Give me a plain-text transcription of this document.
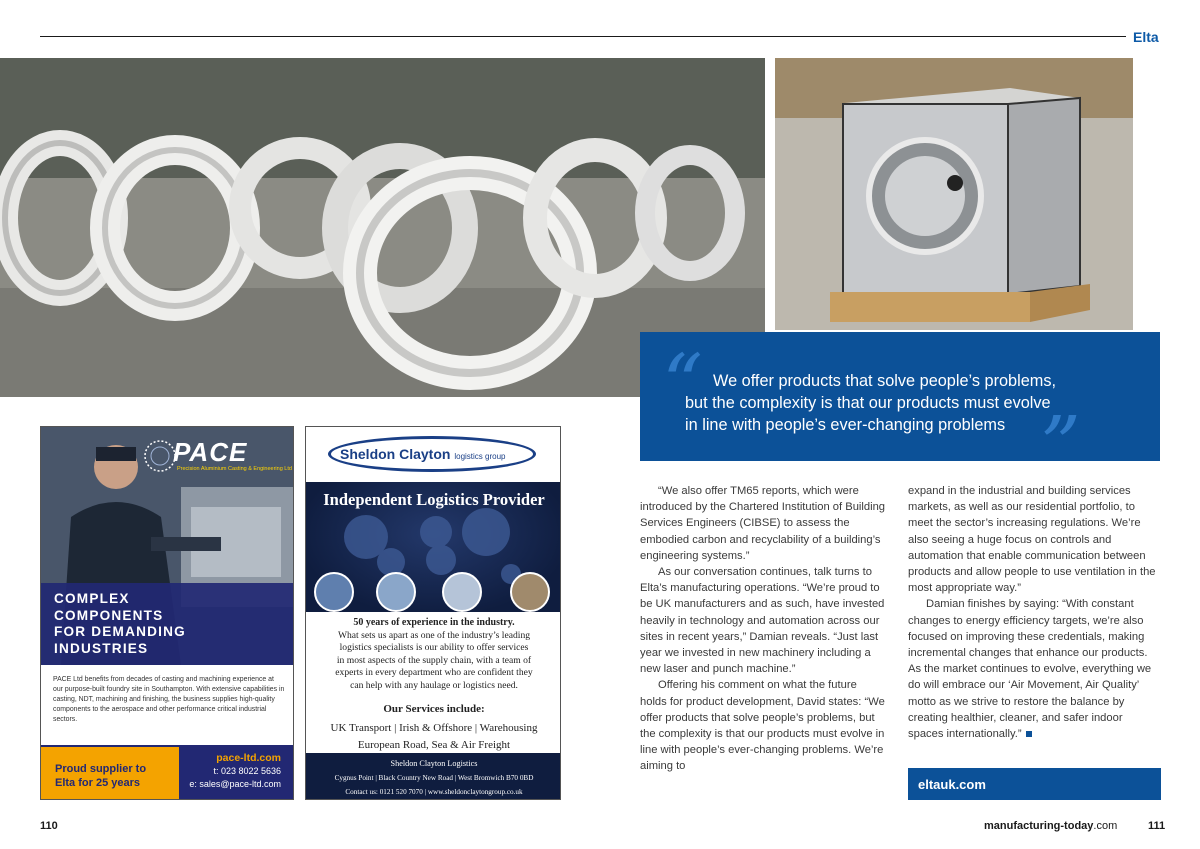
Elta
“ We offer products that solve people’s problems,
but the complexity is that our products must evolve
in line with people’s ever-changing problems ”

“We also offer TM65 reports, which were introduced by the Chartered Institution of Building Services Engineers (CIBSE) to assess the embodied carbon and recyclability of a building’s engineering systems.”

As our conversation continues, talk turns to Elta’s manufacturing operations. “We’re proud to be UK manufacturers and as such, have invested heavily in technology and automation across our sites in recent years,” Damian reveals. “Just last year we invested in new machinery including a new laser and punch machine.”

Offering his comment on what the future holds for product development, David states: “We offer products that solve people’s problems, but the complexity is that our products must evolve in line with people’s ever-changing problems. We’re aiming to

expand in the industrial and building services markets, as well as our residential portfolio, to meet the sector’s increasing regulations. We’re also seeing a huge focus on controls and automation that enable communication between products and allow people to use ventilation in the most appropriate way.”

Damian finishes by saying: “With constant changes to energy efficiency targets, we’re also focused on improving these credentials, making incremental changes that enhance our products. As the market continues to evolve, everything we do will embrace our ‘Air Movement, Air Quality’ motto as we strive to restore the balance by creating healthier, cleaner, and safer indoor spaces internationally.”

eltauk.com
PACE
Precision Aluminium Casting & Engineering Ltd
COMPLEX
COMPONENTS
FOR DEMANDING
INDUSTRIES
PACE Ltd benefits from decades of casting and machining experience at our purpose-built foundry site in Southampton. With extensive capabilities in casting, NDT, machining and finishing, the business supplies high-quality components to the aerospace and other performance critical industrial sectors.
Proud supplier to
Elta for 25 years
pace-ltd.com
t: 023 8022 5636
e: sales@pace-ltd.com
Sheldon Clayton logistics group
Independent Logistics Provider
50 years of experience in the industry.
What sets us apart as one of the industry’s leading
logistics specialists is our ability to offer services
in most aspects of the supply chain, with a team of
experts in every department who are confident they
can help with any haulage or logistics need.
Our Services include:
UK Transport | Irish & Offshore | Warehousing
European Road, Sea & Air Freight
Sheldon Clayton Logistics
Cygnus Point | Black Country New Road | West Bromwich B70 0BD
Contact us: 0121 520 7070 | www.sheldonclaytongroup.co.uk
110	manufacturing-today.com	111
